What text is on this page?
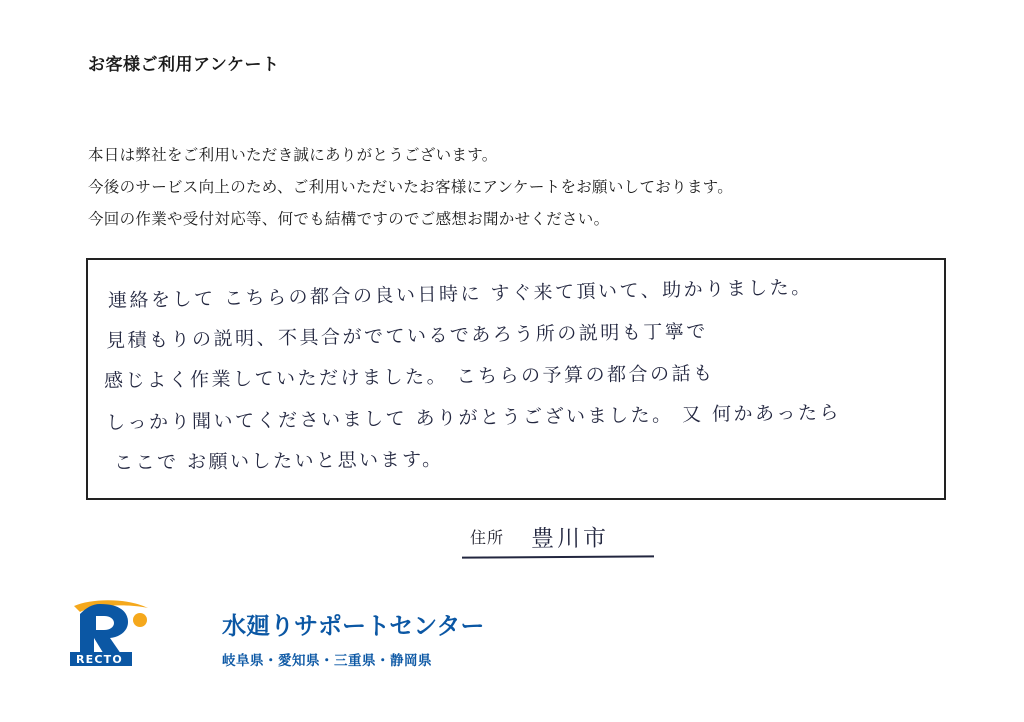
お客様ご利用アンケート
本日は弊社をご利用いただき誠にありがとうございます。
今後のサービス向上のため、ご利用いただいたお客様にアンケートをお願いしております。
今回の作業や受付対応等、何でも結構ですのでご感想お聞かせください。
連絡をして こちらの都合の良い日時に すぐ来て頂いて、助かりました。
見積もりの説明、不具合がでているであろう所の説明も丁寧で
感じよく作業していただけました。 こちらの予算の都合の話も
しっかり聞いてくださいまして ありがとうございました。 又 何かあったら
ここで お願いしたいと思います。
住所 豊川市
RECTO
水廻りサポートセンター
岐阜県・愛知県・三重県・静岡県
